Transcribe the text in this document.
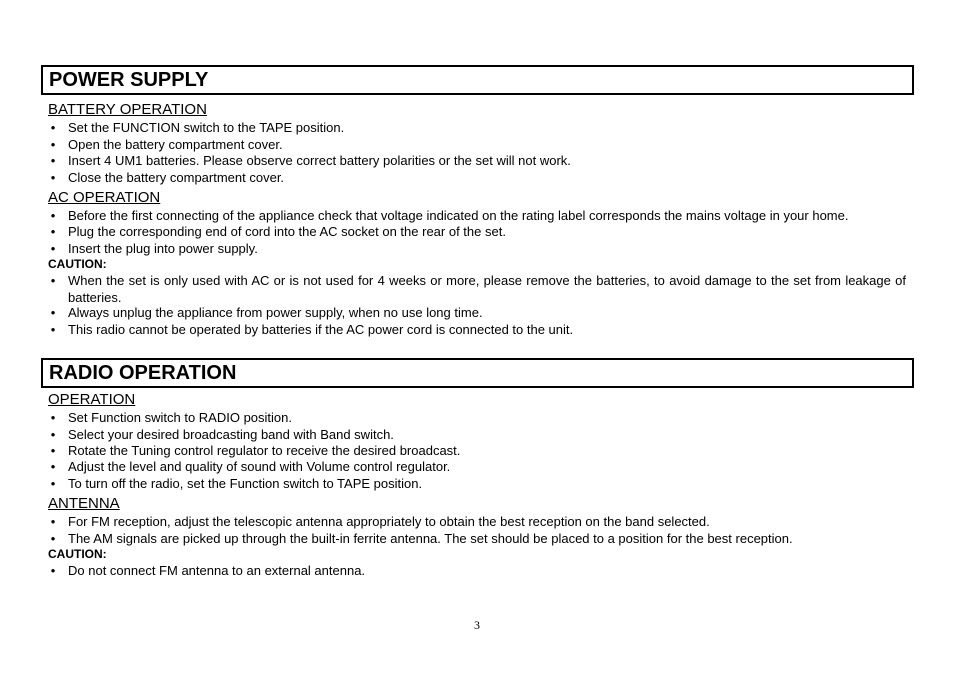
POWER SUPPLY
BATTERY OPERATION
• Set the FUNCTION switch to the TAPE position.
• Open the battery compartment cover.
• Insert 4 UM1 batteries. Please observe correct battery polarities or the set will not work.
• Close the battery compartment cover.
AC OPERATION
• Before the first connecting of the appliance check that voltage indicated on the rating label corresponds the mains voltage in your home.
• Plug the corresponding end of cord into the AC socket on the rear of the set.
• Insert the plug into power supply.
CAUTION:
• When the set is only used with AC or is not used for 4 weeks or more, please remove the batteries, to avoid damage to the set from leakage of batteries.
• Always unplug the appliance from power supply, when no use long time.
• This radio cannot be operated by batteries if the AC power cord is connected to the unit.
RADIO OPERATION
OPERATION
• Set Function switch to RADIO position.
• Select your desired broadcasting band with Band switch.
• Rotate the Tuning control regulator to receive the desired broadcast.
• Adjust the level and quality of sound with Volume control regulator.
• To turn off the radio, set the Function switch to TAPE position.
ANTENNA
• For FM reception, adjust the telescopic antenna appropriately to obtain the best reception on the band selected.
• The AM signals are picked up through the built-in ferrite antenna. The set should be placed to a position for the best reception.
CAUTION:
• Do not connect FM antenna to an external antenna.
3
